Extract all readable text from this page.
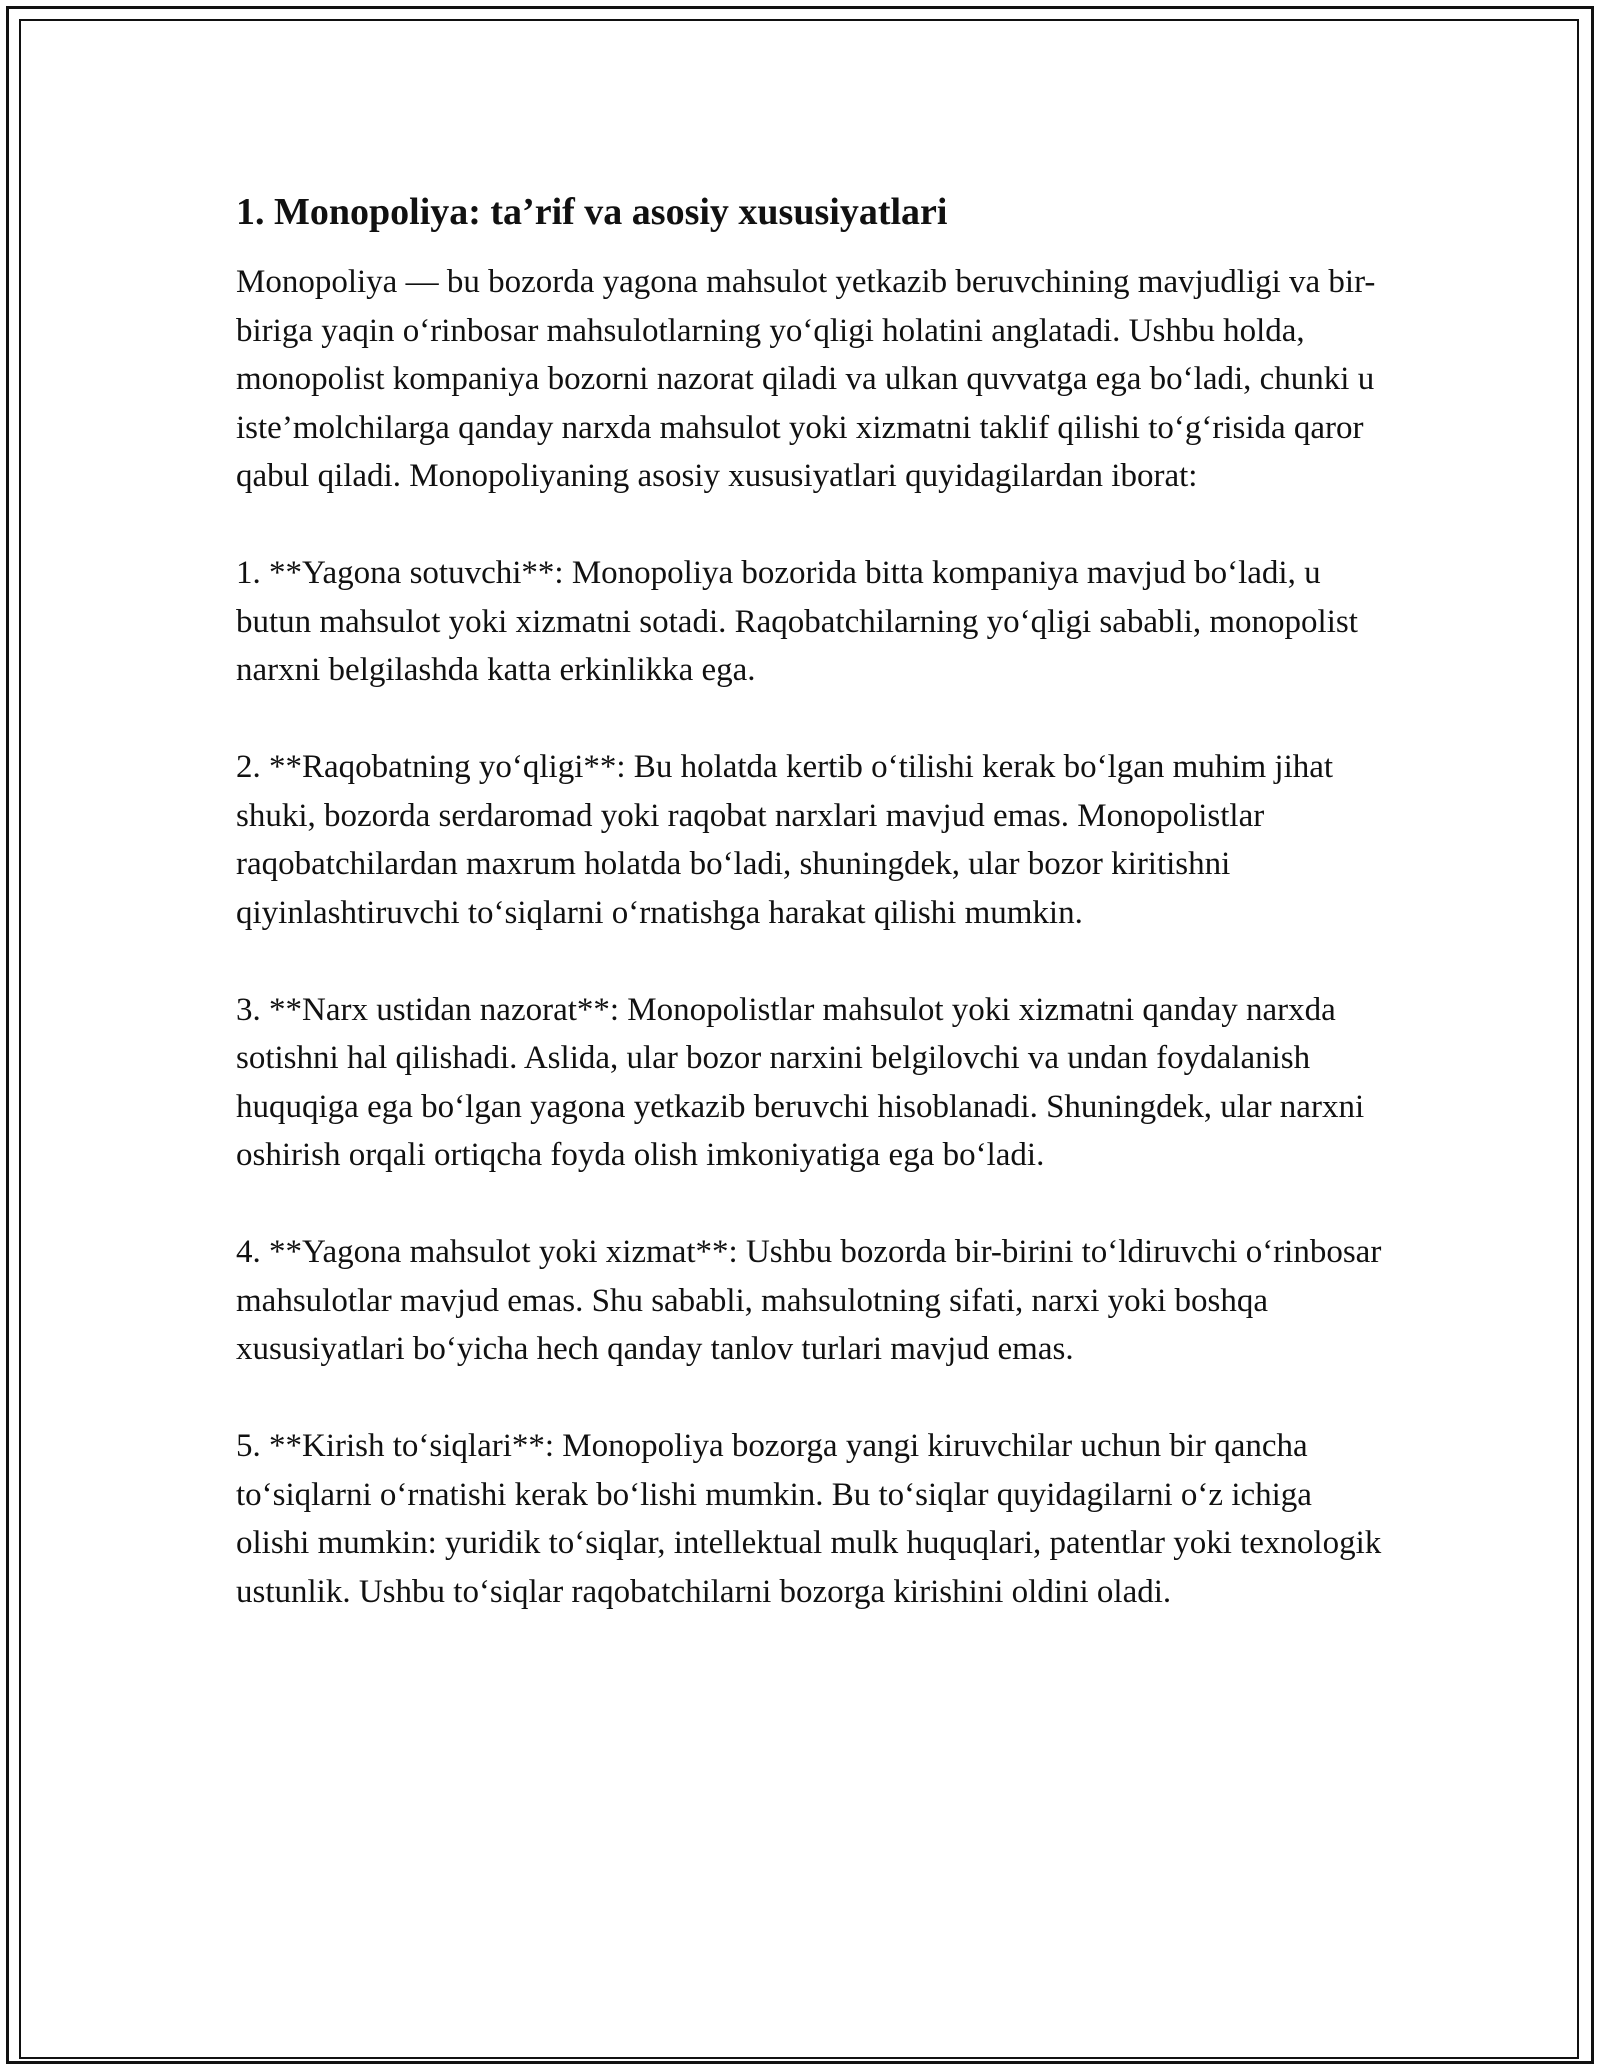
1. Monopoliya: ta’rif va asosiy xususiyatlari

Monopoliya — bu bozorda yagona mahsulot yetkazib beruvchining mavjudligi va bir-biriga yaqin o‘rinbosar mahsulotlarning yo‘qligi holatini anglatadi. Ushbu holda, monopolist kompaniya bozorni nazorat qiladi va ulkan quvvatga ega bo‘ladi, chunki u iste’molchilarga qanday narxda mahsulot yoki xizmatni taklif qilishi to‘g‘risida qaror qabul qiladi. Monopoliyaning asosiy xususiyatlari quyidagilardan iborat:

1. **Yagona sotuvchi**: Monopoliya bozorida bitta kompaniya mavjud bo‘ladi, u butun mahsulot yoki xizmatni sotadi. Raqobatchilarning yo‘qligi sababli, monopolist narxni belgilashda katta erkinlikka ega.

2. **Raqobatning yo‘qligi**: Bu holatda kertib o‘tilishi kerak bo‘lgan muhim jihat shuki, bozorda serdaromad yoki raqobat narxlari mavjud emas. Monopolistlar raqobatchilardan maxrum holatda bo‘ladi, shuningdek, ular bozor kiritishni qiyinlashtiruvchi to‘siqlarni o‘rnatishga harakat qilishi mumkin.

3. **Narx ustidan nazorat**: Monopolistlar mahsulot yoki xizmatni qanday narxda sotishni hal qilishadi. Aslida, ular bozor narxini belgilovchi va undan foydalanish huquqiga ega bo‘lgan yagona yetkazib beruvchi hisoblanadi. Shuningdek, ular narxni oshirish orqali ortiqcha foyda olish imkoniyatiga ega bo‘ladi.

4. **Yagona mahsulot yoki xizmat**: Ushbu bozorda bir-birini to‘ldiruvchi o‘rinbosar mahsulotlar mavjud emas. Shu sababli, mahsulotning sifati, narxi yoki boshqa xususiyatlari bo‘yicha hech qanday tanlov turlari mavjud emas.

5. **Kirish to‘siqlari**: Monopoliya bozorga yangi kiruvchilar uchun bir qancha to‘siqlarni o‘rnatishi kerak bo‘lishi mumkin. Bu to‘siqlar quyidagilarni o‘z ichiga olishi mumkin: yuridik to‘siqlar, intellektual mulk huquqlari, patentlar yoki texnologik ustunlik. Ushbu to‘siqlar raqobatchilarni bozorga kirishini oldini oladi.
